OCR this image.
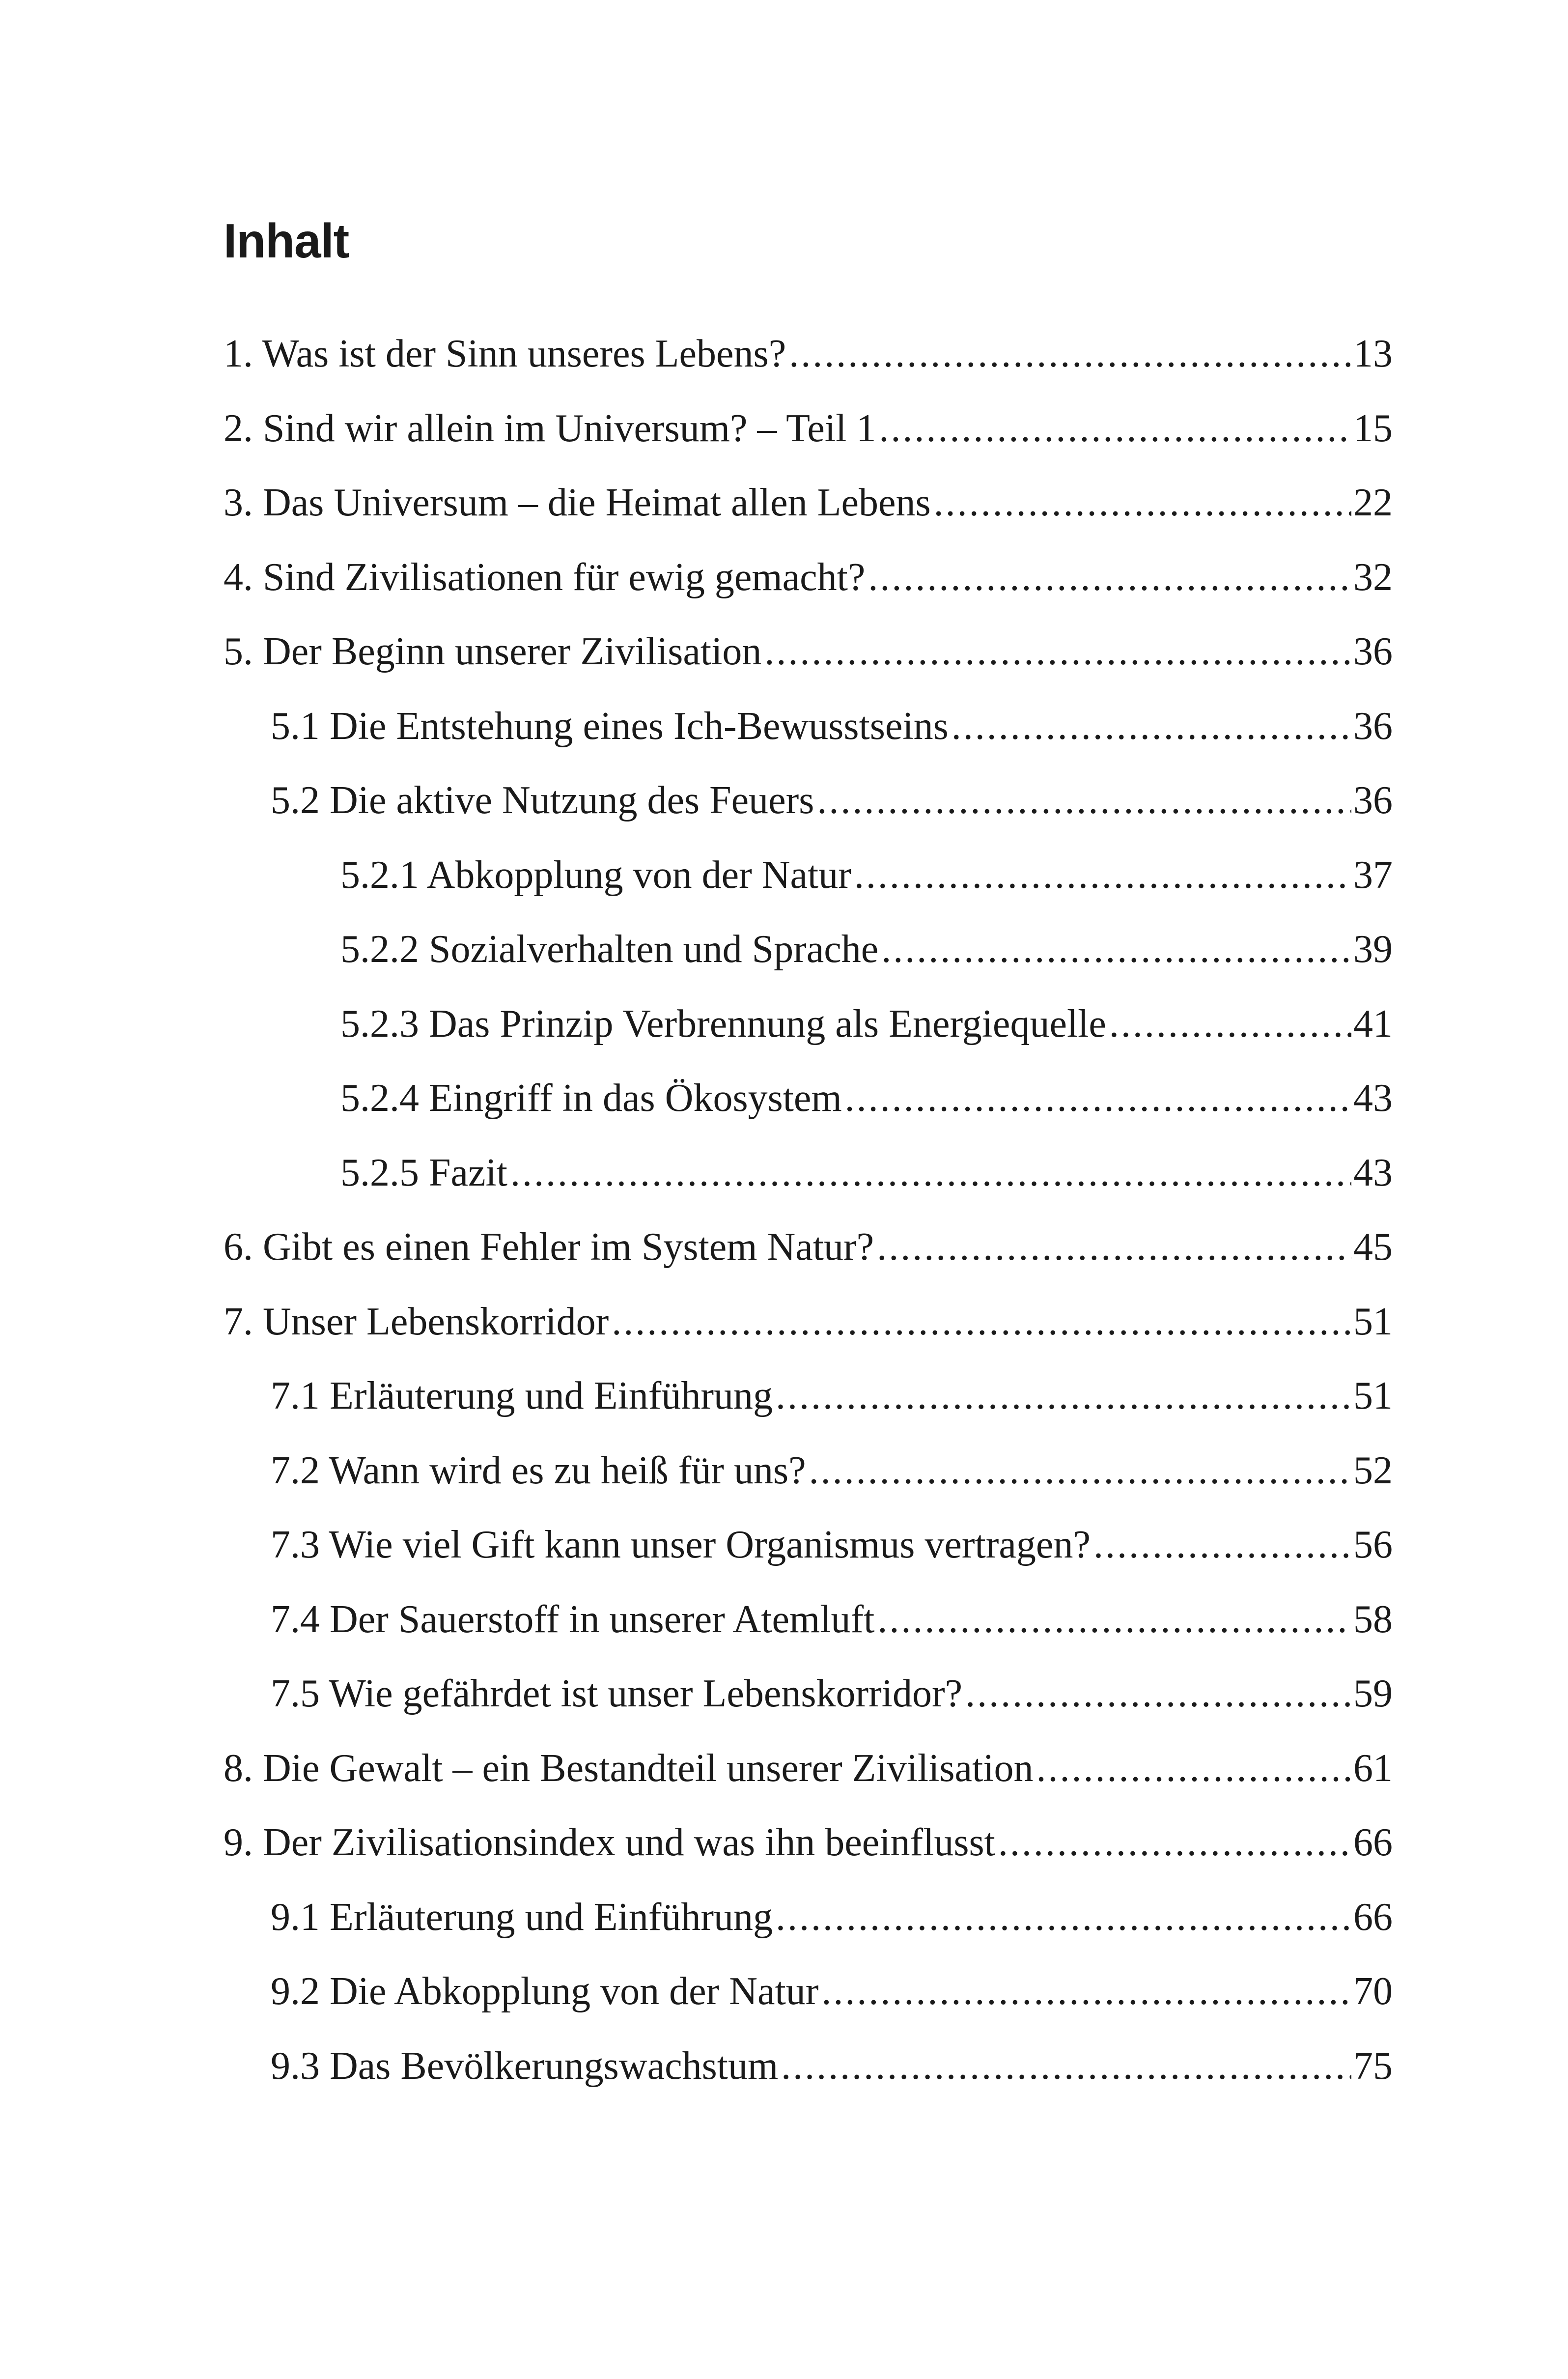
Inhalt
1. Was ist der Sinn unseres Lebens? .....	13
2. Sind wir allein im Universum? – Teil 1 .....	15
3. Das Universum – die Heimat allen Lebens .....	22
4. Sind Zivilisationen für ewig gemacht? .....	32
5. Der Beginn unserer Zivilisation .....	36
5.1 Die Entstehung eines Ich-Bewusstseins .....	36
5.2 Die aktive Nutzung des Feuers .....	36
5.2.1 Abkopplung von der Natur .....	37
5.2.2 Sozialverhalten und Sprache .....	39
5.2.3 Das Prinzip Verbrennung als Energiequelle .....	41
5.2.4 Eingriff in das Ökosystem .....	43
5.2.5 Fazit .....	43
6. Gibt es einen Fehler im System Natur? .....	45
7. Unser Lebenskorridor .....	51
7.1 Erläuterung und Einführung .....	51
7.2 Wann wird es zu heiß für uns? .....	52
7.3 Wie viel Gift kann unser Organismus vertragen? .....	56
7.4 Der Sauerstoff in unserer Atemluft .....	58
7.5 Wie gefährdet ist unser Lebenskorridor? .....	59
8. Die Gewalt – ein Bestandteil unserer Zivilisation .....	61
9. Der Zivilisationsindex und was ihn beeinflusst .....	66
9.1 Erläuterung und Einführung .....	66
9.2 Die Abkopplung von der Natur .....	70
9.3 Das Bevölkerungswachstum .....	75
